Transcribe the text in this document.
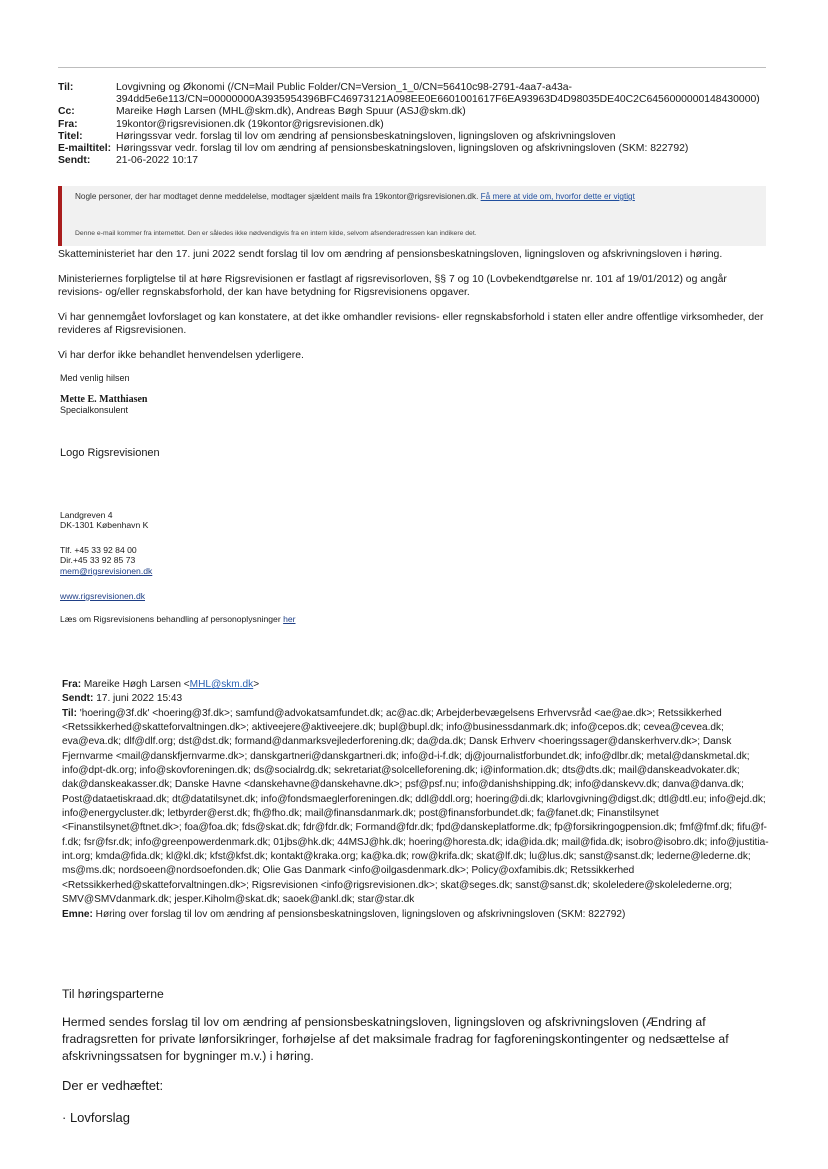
Til:	Lovgivning og Økonomi (/CN=Mail Public Folder/CN=Version_1_0/CN=56410c98-2791-4aa7-a43a-
394dd5e6e113/CN=00000000A3935954396BFC46973121A098EE0E6601001617F6EA93963D4D98035DE40C2C6456000000148430000)
Cc:	Mareike Høgh Larsen (MHL@skm.dk), Andreas Bøgh Spuur (ASJ@skm.dk)
Fra:	19kontor@rigsrevisionen.dk (19kontor@rigsrevisionen.dk)
Titel:	Høringssvar vedr. forslag til lov om ændring af pensionsbeskatningsloven, ligningsloven og afskrivningsloven
E-mailtitel: Høringssvar vedr. forslag til lov om ændring af pensionsbeskatningsloven, ligningsloven og afskrivningsloven (SKM: 822792)
Sendt:	21-06-2022 10:17
Nogle personer, der har modtaget denne meddelelse, modtager sjældent mails fra 19kontor@rigsrevisionen.dk. Få mere at vide om, hvorfor dette er vigtigt
Denne e-mail kommer fra internettet. Den er således ikke nødvendigvis fra en intern kilde, selvom afsenderadressen kan indikere det.

Skatteministeriet har den 17. juni 2022 sendt forslag til lov om ændring af pensionsbeskatningsloven, ligningsloven og afskrivningsloven i høring.

Ministeriernes forpligtelse til at høre Rigsrevisionen er fastlagt af rigsrevisorloven, §§ 7 og 10 (Lovbekendtgørelse nr. 101 af 19/01/2012) og angår revisions- og/eller regnskabsforhold, der kan have betydning for Rigsrevisionens opgaver.

Vi har gennemgået lovforslaget og kan konstatere, at det ikke omhandler revisions- eller regnskabsforhold i staten eller andre offentlige virksomheder, der revideres af Rigsrevisionen.

Vi har derfor ikke behandlet henvendelsen yderligere.

Med venlig hilsen
Mette E. Matthiasen
Specialkonsulent
Logo Rigsrevisionen
Landgreven 4
DK-1301 København K
Tlf. +45 33 92 84 00
Dir.+45 33 92 85 73
mem@rigsrevisionen.dk
www.rigsrevisionen.dk
Læs om Rigsrevisionens behandling af personoplysninger her
Fra: Mareike Høgh Larsen <MHL@skm.dk>
Sendt: 17. juni 2022 15:43
Til: 'hoering@3f.dk' <hoering@3f.dk>; samfund@advokatsamfundet.dk; ac@ac.dk; Arbejderbevægelsens Erhvervsråd <ae@ae.dk>; Retssikkerhed <Retssikkerhed@skatteforvaltningen.dk>; aktiveejere@aktiveejere.dk; bupl@bupl.dk; info@businessdanmark.dk; info@cepos.dk; cevea@cevea.dk; eva@eva.dk; dlf@dlf.org; dst@dst.dk; formand@danmarksvejlederforening.dk; da@da.dk; Dansk Erhverv <hoeringssager@danskerhverv.dk>; Dansk Fjernvarme <mail@danskfjernvarme.dk>; danskgartneri@danskgartneri.dk; info@d-i-f.dk; dj@journalistforbundet.dk; info@dlbr.dk; metal@danskmetal.dk; info@dpt-dk.org; info@skovforeningen.dk; ds@socialrdg.dk; sekretariat@solcelleforening.dk; i@information.dk; dts@dts.dk; mail@danskeadvokater.dk; dak@danskeakasser.dk; Danske Havne <danskehavne@danskehavne.dk>; psf@psf.nu; info@danishshipping.dk; info@danskevv.dk; danva@danva.dk; Post@dataetiskraad.dk; dt@datatilsynet.dk; info@fondsmaeglerforeningen.dk; ddl@ddl.org; hoering@di.dk; klarlovgivning@digst.dk; dtl@dtl.eu; info@ejd.dk; info@energycluster.dk; letbyrder@erst.dk; fh@fho.dk; mail@finansdanmark.dk; post@finansforbundet.dk; fa@fanet.dk; Finanstilsynet <Finanstilsynet@ftnet.dk>; foa@foa.dk; fds@skat.dk; fdr@fdr.dk; Formand@fdr.dk; fpd@danskeplatforme.dk; fp@forsikringogpension.dk; fmf@fmf.dk; fifu@f-f.dk; fsr@fsr.dk; info@greenpowerdenmark.dk; 01jbs@hk.dk; 44MSJ@hk.dk; hoering@horesta.dk; ida@ida.dk; mail@fida.dk; isobro@isobro.dk; info@justitia-int.org; kmda@fida.dk; kl@kl.dk; kfst@kfst.dk; kontakt@kraka.org; ka@ka.dk; row@krifa.dk; skat@lf.dk; lu@lus.dk; sanst@sanst.dk; lederne@lederne.dk; ms@ms.dk; nordsoeen@nordsoefonden.dk; Olie Gas Danmark <info@oilgasdenmark.dk>; Policy@oxfamibis.dk; Retssikkerhed <Retssikkerhed@skatteforvaltningen.dk>; Rigsrevisionen <info@rigsrevisionen.dk>; skat@seges.dk; sanst@sanst.dk; skoleledere@skolelederne.org; SMV@SMVdanmark.dk; jesper.Kiholm@skat.dk; saoek@ankl.dk; star@star.dk
Emne: Høring over forslag til lov om ændring af pensionsbeskatningsloven, ligningsloven og afskrivningsloven (SKM: 822792)
Til høringsparterne
Hermed sendes forslag til lov om ændring af pensionsbeskatningsloven, ligningsloven og afskrivningsloven (Ændring af fradragsretten for private lønforsikringer, forhøjelse af det maksimale fradrag for fagforeningskontingenter og nedsættelse af afskrivningssatsen for bygninger m.v.) i høring.
Der er vedhæftet:
· Lovforslag
